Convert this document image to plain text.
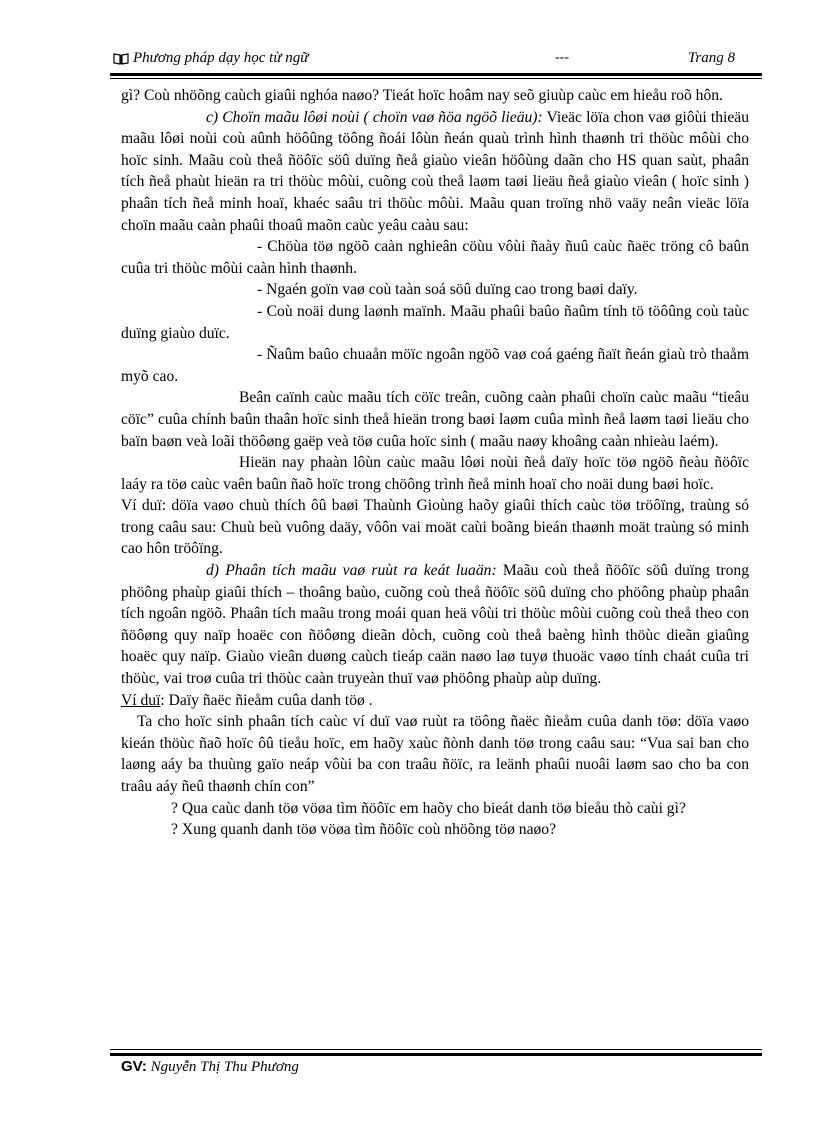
Phương pháp dạy học từ ngữ	---	Trang 8

gì? Coù nhöõng caùch giaûi nghóa naøo? Tieát hoïc hoâm nay seõ giuùp caùc em hieåu roõ hôn.

c) Choïn maãu lôøi noùi ( choïn vaø ñöa ngöõ lieäu): Vieäc löïa chon vaø giôùi thieäu maãu lôøi noùi coù aûnh höôûng töông ñoái lôùn ñeán quaù trình hình thaønh tri thöùc môùi cho hoïc sinh. Maãu coù theå ñöôïc söû duïng ñeå giaùo vieân höôùng daãn cho HS quan saùt, phaân tích ñeå phaùt hieän ra tri thöùc môùi, cuõng coù theå laøm taøi lieäu ñeå giaùo vieân ( hoïc sinh ) phaân tích ñeå minh hoaï, khaéc saâu tri thöùc môùi. Maãu quan troïng nhö vaäy neân vieäc löïa choïn maãu caàn phaûi thoaû maõn caùc yeâu caàu sau:

- Chöùa töø ngöõ caàn nghieân cöùu vôùi ñaày ñuû caùc ñaëc tröng cô baûn cuûa tri thöùc môùi caàn hình thaønh.

- Ngaén goïn vaø coù taàn soá söû duïng cao trong baøi daïy.

- Coù noäi dung laønh maïnh. Maãu phaûi baûo ñaûm tính tö töôûng coù taùc duïng giaùo duïc.

- Ñaûm baûo chuaån möïc ngoân ngöõ vaø coá gaéng ñaït ñeán giaù trò thaåm myõ cao.

Beân caïnh caùc maãu tích cöïc treân, cuõng caàn phaûi choïn caùc maãu “tieâu cöïc” cuûa chính baûn thaân hoïc sinh theå hieän trong baøi laøm cuûa mình ñeå laøm taøi lieäu cho baïn baøn veà loãi thöôøng gaëp veà töø cuûa hoïc sinh ( maãu naøy khoâng caàn nhieàu laém).

Hieän nay phaàn lôùn caùc maãu lôøi noùi ñeå daïy hoïc töø ngöõ ñeàu ñöôïc laáy ra töø caùc vaên baûn ñaõ hoïc trong chöông trình ñeå minh hoaï cho noäi dung baøi hoïc.

Ví duï: döïa vaøo chuù thích ôû baøi Thaùnh Gioùng haõy giaûi thích caùc töø tröôïng, traùng só trong caâu sau: Chuù beù vuông daäy, vôôn vai moät caùi boãng bieán thaønh moät traùng só minh cao hôn tröôïng.

d) Phaân tích maãu vaø ruùt ra keát luaän: Maãu coù theå ñöôïc söû duïng trong phöông phaùp giaûi thích – thoâng baùo, cuõng coù theå ñöôïc söû duïng cho phöông phaùp phaân tích ngoân ngöõ. Phaân tích maãu trong moái quan heä vôùi tri thöùc môùi cuõng coù theå theo con ñöôøng quy naïp hoaëc con ñöôøng dieãn dòch, cuõng coù theå baèng hình thöùc dieãn giaûng hoaëc quy naïp. Giaùo vieân duøng caùch tieáp caän naøo laø tuyø thuoäc vaøo tính chaát cuûa tri thöùc, vai troø cuûa tri thöùc caàn truyeàn thuï vaø phöông phaùp aùp duïng.

Ví duï: Daïy ñaëc ñieåm cuûa danh töø .

Ta cho hoïc sinh phaân tích caùc ví duï vaø ruùt ra töông ñaëc ñieåm cuûa danh töø: döïa vaøo kieán thöùc ñaõ hoïc ôû tieåu hoïc, em haõy xaùc ñònh danh töø trong caâu sau: “Vua sai ban cho laøng aáy ba thuùng gaïo neáp vôùi ba con traâu ñöïc, ra leänh phaûi nuoâi laøm sao cho ba con traâu aáy ñeû thaønh chín con”

? Qua caùc danh töø vöøa tìm ñöôïc em haõy cho bieát danh töø bieåu thò caùi gì?

? Xung quanh danh töø vöøa tìm ñöôïc coù nhöõng töø naøo?

GV: Nguyễn Thị Thu Phương
